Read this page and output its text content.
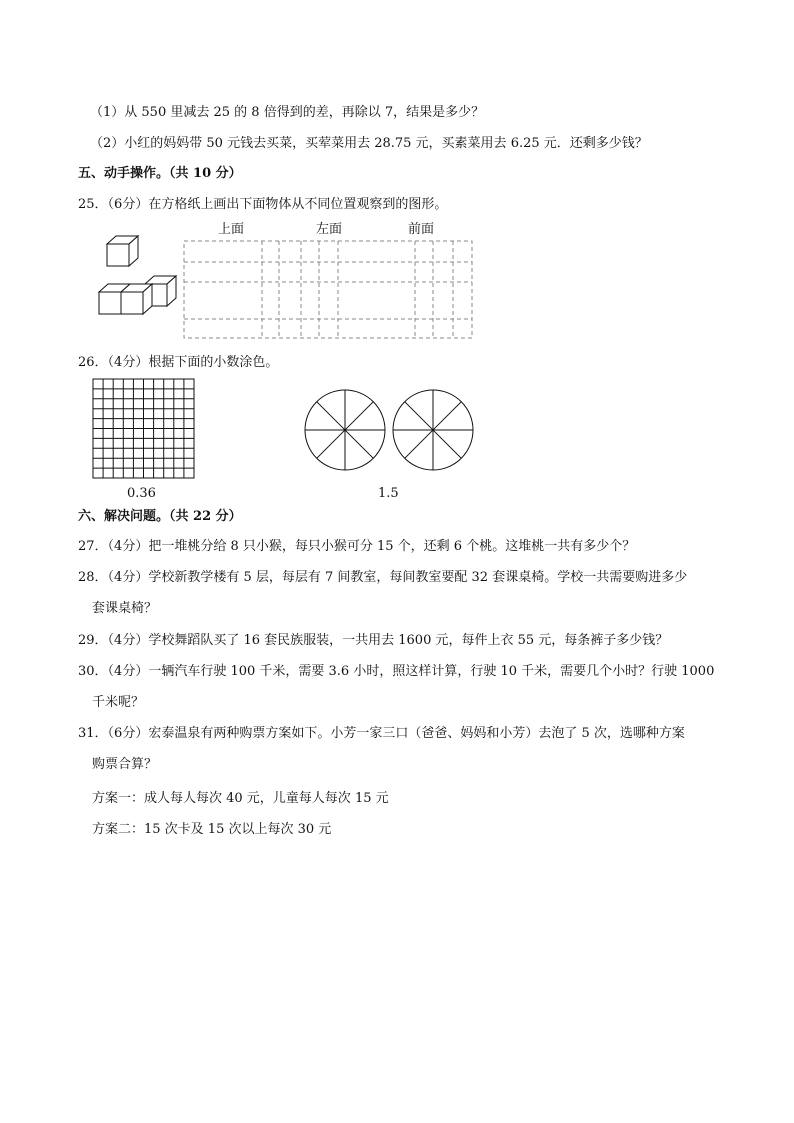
（1）从 550 里减去 25 的 8 倍得到的差，再除以 7，结果是多少？
（2）小红的妈妈带 50 元钱去买菜，买荤菜用去 28.75 元，买素菜用去 6.25 元．还剩多少钱？
五、动手操作。（共 10 分）
25．（6分）在方格纸上画出下面物体从不同位置观察到的图形。
上面	左面	前面
26．（4分）根据下面的小数涂色。
0.36	1.5
六、解决问题。（共 22 分）
27．（4分）把一堆桃分给 8 只小猴，每只小猴可分 15 个，还剩 6 个桃。这堆桃一共有多少个？
28．（4分）学校新教学楼有 5 层，每层有 7 间教室，每间教室要配 32 套课桌椅。学校一共需要购进多少
套课桌椅？
29．（4分）学校舞蹈队买了 16 套民族服装，一共用去 1600 元，每件上衣 55 元，每条裤子多少钱？
30．（4分）一辆汽车行驶 100 千米，需要 3.6 小时，照这样计算，行驶 10 千米，需要几个小时？行驶 1000
千米呢？
31．（6分）宏泰温泉有两种购票方案如下。小芳一家三口（爸爸、妈妈和小芳）去泡了 5 次，选哪种方案
购票合算？
方案一：成人每人每次 40 元，儿童每人每次 15 元
方案二：15 次卡及 15 次以上每次 30 元
